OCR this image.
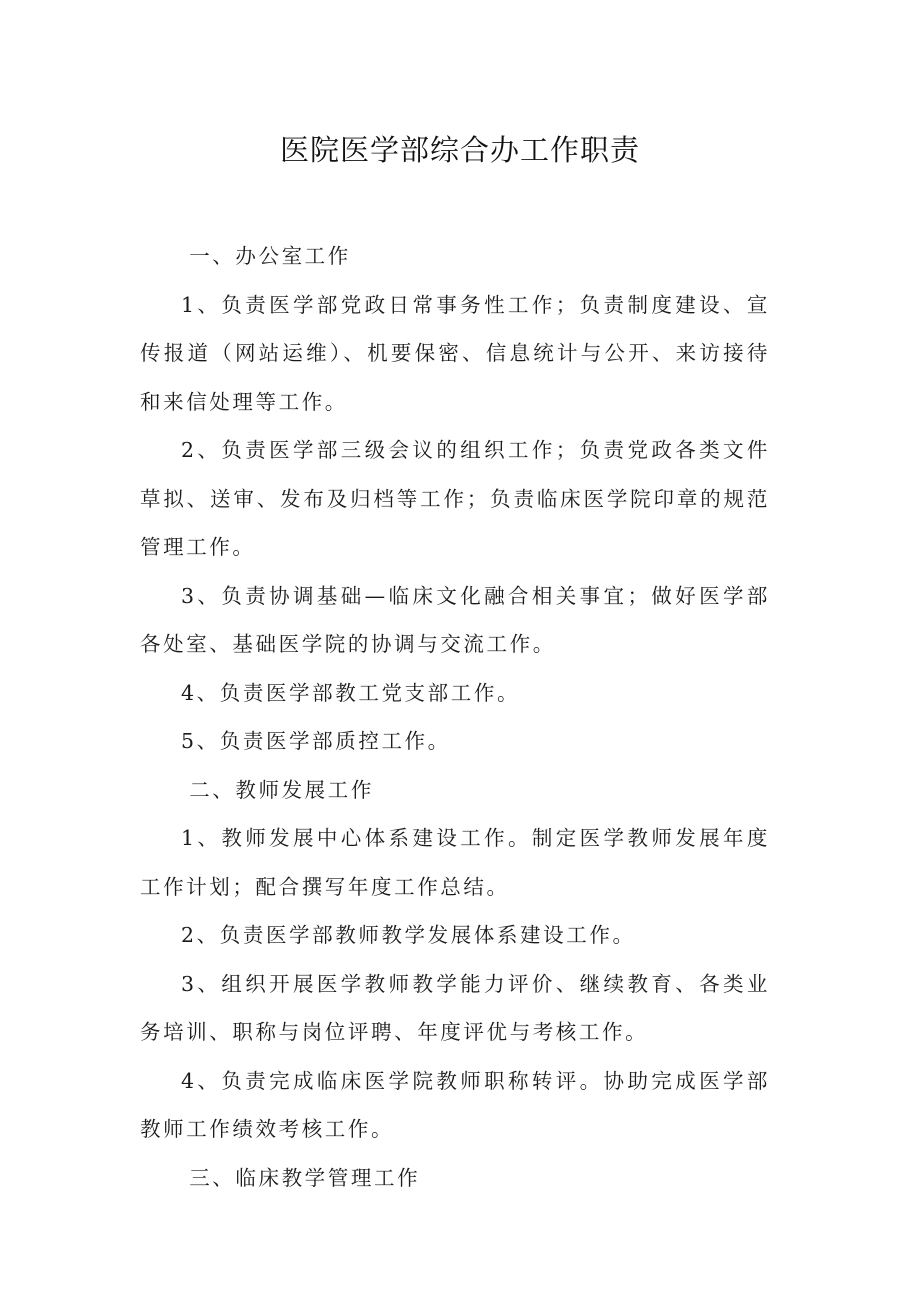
医院医学部综合办工作职责

一、办公室工作

1、负责医学部党政日常事务性工作；负责制度建设、宣传报道（网站运维）、机要保密、信息统计与公开、来访接待和来信处理等工作。

2、负责医学部三级会议的组织工作；负责党政各类文件草拟、送审、发布及归档等工作；负责临床医学院印章的规范管理工作。

3、负责协调基础—临床文化融合相关事宜；做好医学部各处室、基础医学院的协调与交流工作。

4、负责医学部教工党支部工作。

5、负责医学部质控工作。

二、教师发展工作

1、教师发展中心体系建设工作。制定医学教师发展年度工作计划；配合撰写年度工作总结。

2、负责医学部教师教学发展体系建设工作。

3、组织开展医学教师教学能力评价、继续教育、各类业务培训、职称与岗位评聘、年度评优与考核工作。

4、负责完成临床医学院教师职称转评。协助完成医学部教师工作绩效考核工作。

三、临床教学管理工作
